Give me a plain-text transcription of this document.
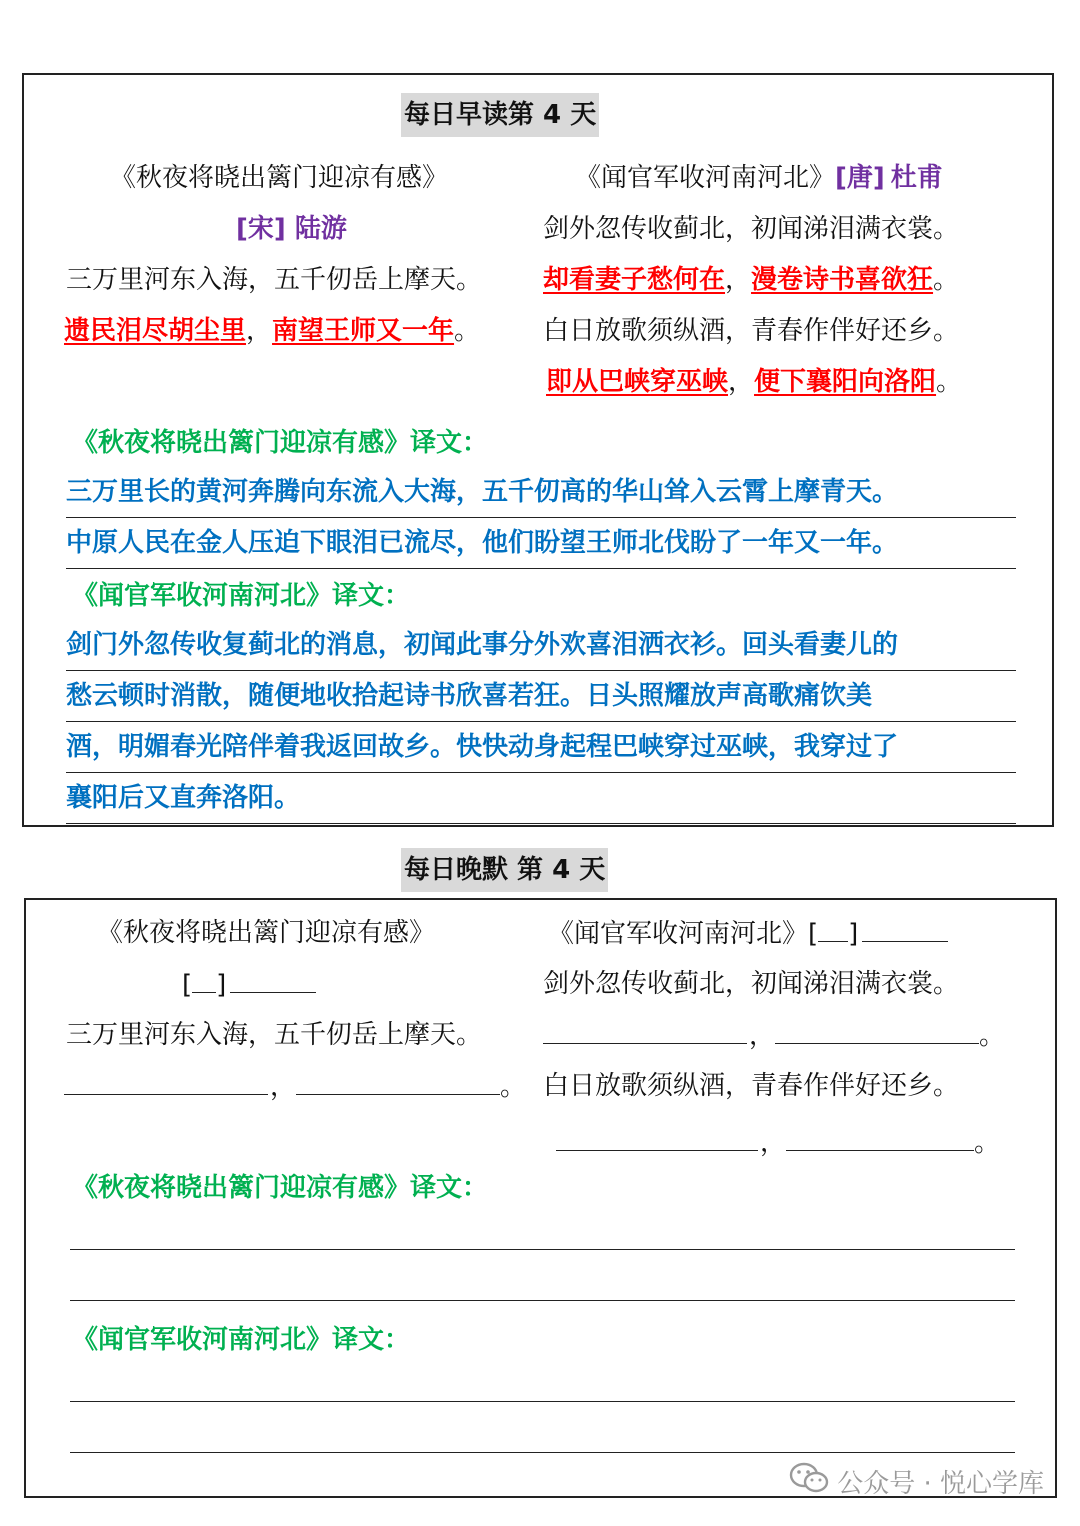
每日早读第 4 天
《秋夜将晓出篱门迎凉有感》
[宋] 陆游
三万里河东入海，五千仞岳上摩天。
遗民泪尽胡尘里，南望王师又一年。
《闻官军收河南河北》[唐] 杜甫
剑外忽传收蓟北，初闻涕泪满衣裳。
却看妻子愁何在，漫卷诗书喜欲狂。
白日放歌须纵酒，青春作伴好还乡。
即从巴峡穿巫峡，便下襄阳向洛阳。
《秋夜将晓出篱门迎凉有感》译文：
三万里长的黄河奔腾向东流入大海，五千仞高的华山耸入云霄上摩青天。
中原人民在金人压迫下眼泪已流尽，他们盼望王师北伐盼了一年又一年。
《闻官军收河南河北》译文：
剑门外忽传收复蓟北的消息，初闻此事分外欢喜泪洒衣衫。回头看妻儿的
愁云顿时消散，随便地收拾起诗书欣喜若狂。日头照耀放声高歌痛饮美
酒，明媚春光陪伴着我返回故乡。快快动身起程巴峡穿过巫峡，我穿过了
襄阳后又直奔洛阳。
每日晚默 第 4 天
《秋夜将晓出篱门迎凉有感》
[ ]
三万里河东入海，五千仞岳上摩天。
，	。
《闻官军收河南河北》[ ]
剑外忽传收蓟北，初闻涕泪满衣裳。
，	。
白日放歌须纵酒，青春作伴好还乡。
，	。
《秋夜将晓出篱门迎凉有感》译文：
《闻官军收河南河北》译文：
公众号 · 悦心学库
